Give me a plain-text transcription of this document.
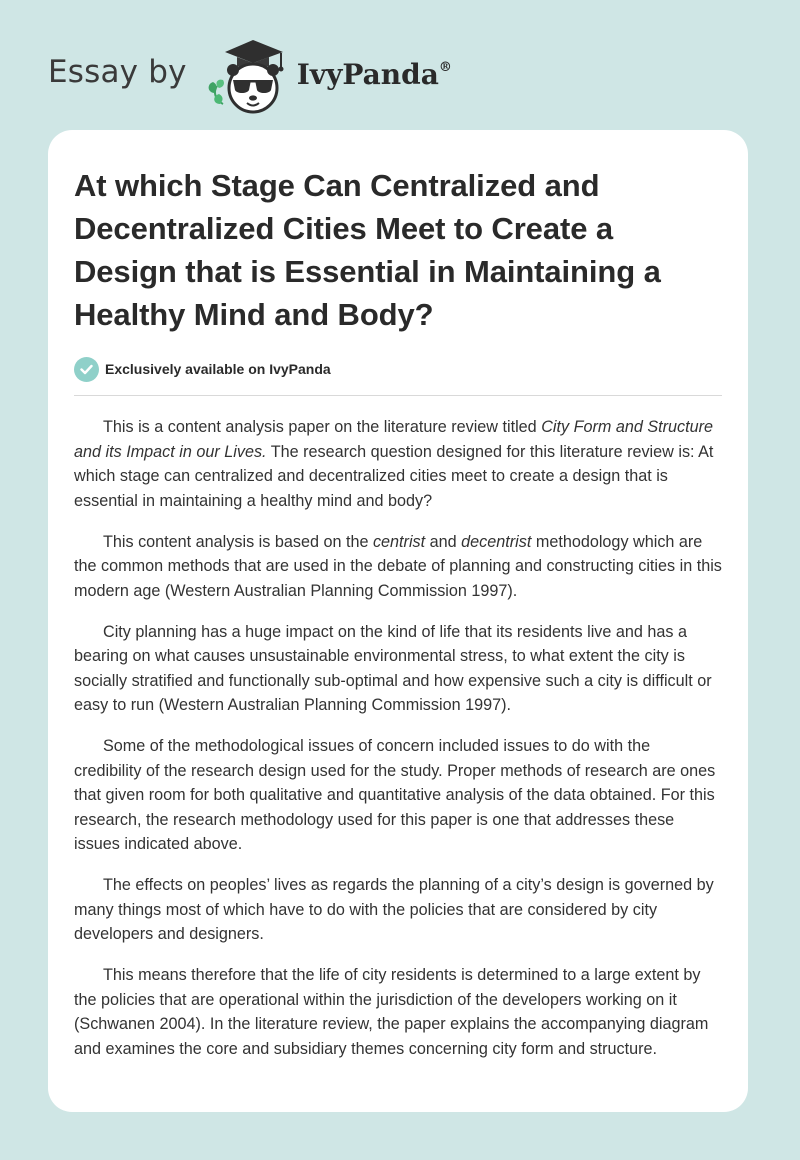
Essay by	IvyPanda®
At which Stage Can Centralized and Decentralized Cities Meet to Create a Design that is Essential in Maintaining a Healthy Mind and Body?
Exclusively available on IvyPanda

This is a content analysis paper on the literature review titled City Form and Structure and its Impact in our Lives. The research question designed for this literature review is: At which stage can centralized and decentralized cities meet to create a design that is essential in maintaining a healthy mind and body?

This content analysis is based on the centrist and decentrist methodology which are the common methods that are used in the debate of planning and constructing cities in this modern age (Western Australian Planning Commission 1997).

City planning has a huge impact on the kind of life that its residents live and has a bearing on what causes unsustainable environmental stress, to what extent the city is socially stratified and functionally sub-optimal and how expensive such a city is difficult or easy to run (Western Australian Planning Commission 1997).

Some of the methodological issues of concern included issues to do with the credibility of the research design used for the study. Proper methods of research are ones that given room for both qualitative and quantitative analysis of the data obtained. For this research, the research methodology used for this paper is one that addresses these issues indicated above.

The effects on peoples’ lives as regards the planning of a city’s design is governed by many things most of which have to do with the policies that are considered by city developers and designers.

This means therefore that the life of city residents is determined to a large extent by the policies that are operational within the jurisdiction of the developers working on it (Schwanen 2004). In the literature review, the paper explains the accompanying diagram and examines the core and subsidiary themes concerning city form and structure.
